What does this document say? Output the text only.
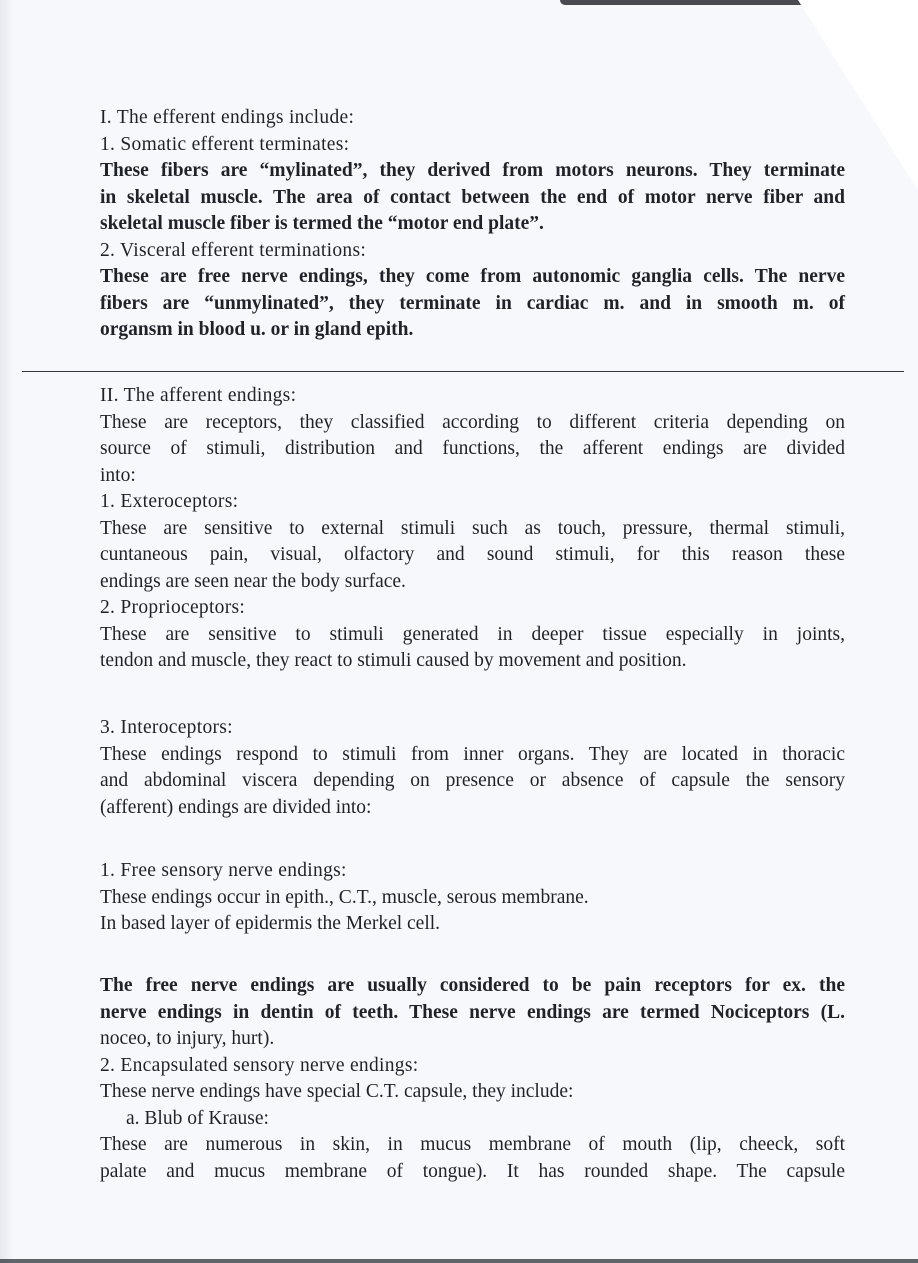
I. The efferent endings include:
1. Somatic efferent terminates:
These fibers are “mylinated”, they derived from motors neurons. They terminate
in skeletal muscle. The area of contact between the end of motor nerve fiber and
skeletal muscle fiber is termed the “motor end plate”.
2. Visceral efferent terminations:
These are free nerve endings, they come from autonomic ganglia cells. The nerve
fibers are “unmylinated”, they terminate in cardiac m. and in smooth m. of
organsm in blood u. or in gland epith.
II. The afferent endings:
These are receptors, they classified according to different criteria depending on
source of stimuli, distribution and functions, the afferent endings are divided
into:
1. Exteroceptors:
These are sensitive to external stimuli such as touch, pressure, thermal stimuli,
cuntaneous pain, visual, olfactory and sound stimuli, for this reason these
endings are seen near the body surface.
2. Proprioceptors:
These are sensitive to stimuli generated in deeper tissue especially in joints,
tendon and muscle, they react to stimuli caused by movement and position.
3. Interoceptors:
These endings respond to stimuli from inner organs. They are located in thoracic
and abdominal viscera depending on presence or absence of capsule the sensory
(afferent) endings are divided into:
1. Free sensory nerve endings:
These endings occur in epith., C.T., muscle, serous membrane.
In based layer of epidermis the Merkel cell.
The free nerve endings are usually considered to be pain receptors for ex. the
nerve endings in dentin of teeth. These nerve endings are termed Nociceptors (L.
noceo, to injury, hurt).
2. Encapsulated sensory nerve endings:
These nerve endings have special C.T. capsule, they include:
a. Blub of Krause:
These are numerous in skin, in mucus membrane of mouth (lip, cheeck, soft
palate and mucus membrane of tongue). It has rounded shape. The capsule
